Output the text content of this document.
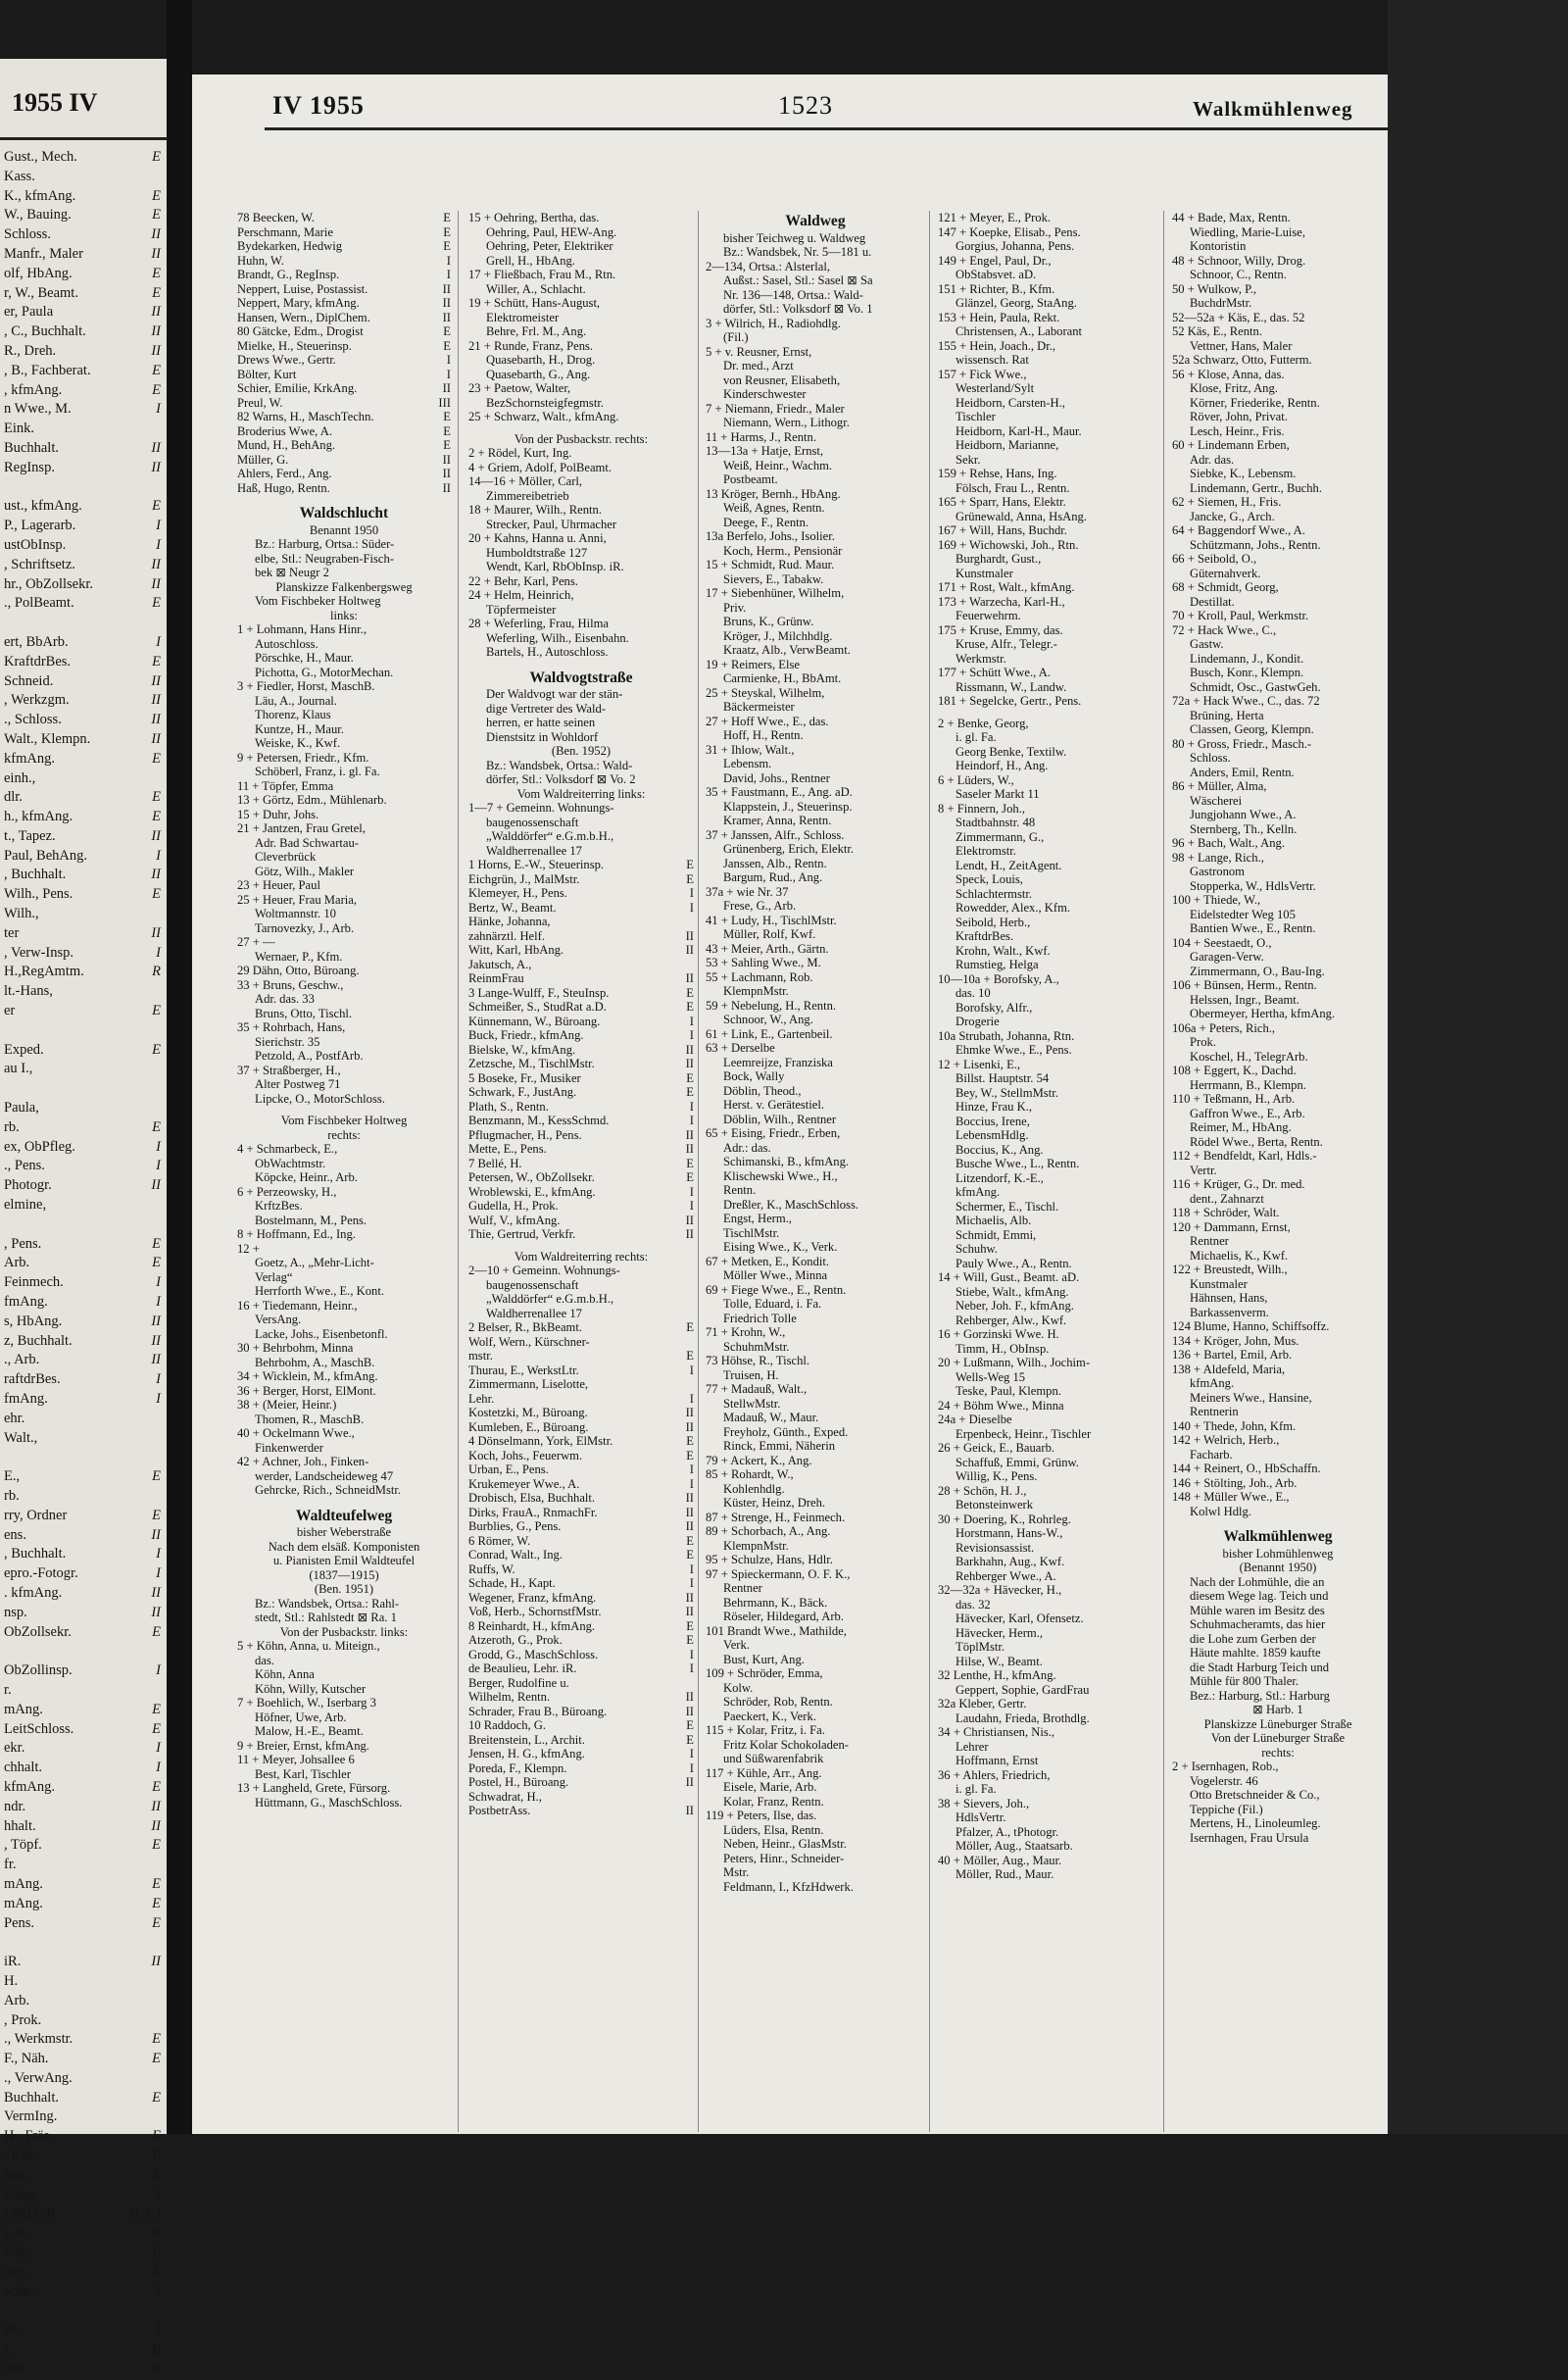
1955 IV
E
Gust., Mech.
Kass.
E
K., kfmAng.
E
W., Bauing.
II
Schloss.
II
Manfr., Maler
E
olf, HbAng.
E
r, W., Beamt.
II
er, Paula
II
, C., Buchhalt.
II
R., Dreh.
E
, B., Fachberat.
E
, kfmAng.
I
n Wwe., M.
Eink.
II
Buchhalt.
II
RegInsp.

E
ust., kfmAng.
I
P., Lagerarb.
I
ustObInsp.
II
, Schriftsetz.
II
hr., ObZollsekr.
E
., PolBeamt.

I
ert, BbArb.
E
KraftdrBes.
II
Schneid.
II
, Werkzgm.
II
., Schloss.
II
Walt., Klempn.
E
kfmAng.
einh.,
E
dlr.
E
h., kfmAng.
II
t., Tapez.
I
Paul, BehAng.
II
, Buchhalt.
E
Wilh., Pens.
Wilh.,
II
ter
I
, Verw-Insp.
R
H.,RegAmtm.
lt.-Hans,
E
er

E
Exped.
au I.,

Paula,
E
rb.
I
ex, ObPfleg.
I
., Pens.
II
Photogr.
elmine,

E
, Pens.
E
Arb.
I
Feinmech.
I
fmAng.
II
s, HbAng.
II
z, Buchhalt.
II
., Arb.
I
raftdrBes.
I
fmAng.
ehr.
Walt.,

E
E.,
rb.
E
rry, Ordner
II
ens.
I
, Buchhalt.
I
epro.-Fotogr.
II
. kfmAng.
II
nsp.
E
ObZollsekr.

I
ObZollinsp.
r.
E
mAng.
E
LeitSchloss.
I
ekr.
I
chhalt.
E
kfmAng.
II
ndr.
II
hhalt.
E
, Töpf.
fr.
E
mAng.
E
mAng.
E
Pens.

II
iR.
H.
Arb.
, Prok.
E
., Werkmstr.
E
F., Näh.
., VerwAng.
E
Buchhalt.
VermIng.
E
H., Fräs.
E
, Kfm.
E
nsp.
I
kAng.
I
I
II
Lokf i. R.
II
i. R.
E
Kfm.
E
nsp.
I
echn.

I
iR.
II
i.
II
ord
IV 1955	1523	Walkmühlenweg
E
78 Beecken, W.
E
Perschmann, Marie
E
Bydekarken, Hedwig
I
Huhn, W.
I
Brandt, G., RegInsp.
II
Neppert, Luise, Postassist.
II
Neppert, Mary, kfmAng.
II
Hansen, Wern., DiplChem.
E
80 Gätcke, Edm., Drogist
E
Mielke, H., Steuerinsp.
I
Drews Wwe., Gertr.
I
Bölter, Kurt
II
Schier, Emilie, KrkAng.
III
Preul, W.
E
82 Warns, H., MaschTechn.
E
Broderius Wwe, A.
E
Mund, H., BehAng.
II
Müller, G.
II
Ahlers, Ferd., Ang.
II
Haß, Hugo, Rentn.
Waldschlucht
Benannt 1950
Bz.: Harburg, Ortsa.: Süder-
elbe, Stl.: Neugraben-Fisch-
bek ⊠ Neugr 2
Planskizze Falkenbergsweg
Vom Fischbeker Holtweg
links:
1 + Lohmann, Hans Hinr.,
Autoschloss.
Pörschke, H., Maur.
Pichotta, G., MotorMechan.
3 + Fiedler, Horst, MaschB.
Läu, A., Journal.
Thorenz, Klaus
Kuntze, H., Maur.
Weiske, K., Kwf.
9 + Petersen, Friedr., Kfm.
Schöberl, Franz, i. gl. Fa.
11 + Töpfer, Emma
13 + Görtz, Edm., Mühlenarb.
15 + Duhr, Johs.
21 + Jantzen, Frau Gretel,
Adr. Bad Schwartau-
Cleverbrück
Götz, Wilh., Makler
23 + Heuer, Paul
25 + Heuer, Frau Maria,
Woltmannstr. 10
Tarnovezky, J., Arb.
27 + —
Wernaer, P., Kfm.
29 Dähn, Otto, Büroang.
33 + Bruns, Geschw.,
Adr. das. 33
Bruns, Otto, Tischl.
35 + Rohrbach, Hans,
Sierichstr. 35
Petzold, A., PostfArb.
37 + Straßberger, H.,
Alter Postweg 71
Lipcke, O., MotorSchloss.
Vom Fischbeker Holtweg
rechts:
4 + Schmarbeck, E.,
ObWachtmstr.
Köpcke, Heinr., Arb.
6 + Perzeowsky, H.,
KrftzBes.
Bostelmann, M., Pens.
8 + Hoffmann, Ed., Ing.
12 +
Goetz, A., „Mehr-Licht-
Verlag“
Herrforth Wwe., E., Kont.
16 + Tiedemann, Heinr.,
VersAng.
Lacke, Johs., Eisenbetonfl.
30 + Behrbohm, Minna
Behrbohm, A., MaschB.
34 + Wicklein, M., kfmAng.
36 + Berger, Horst, ElMont.
38 + (Meier, Heinr.)
Thomen, R., MaschB.
40 + Ockelmann Wwe.,
Finkenwerder
42 + Achner, Joh., Finken-
werder, Landscheideweg 47
Gehrcke, Rich., SchneidMstr.
Waldteufelweg
bisher Weberstraße
Nach dem elsäß. Komponisten
u. Pianisten Emil Waldteufel
(1837—1915)
(Ben. 1951)
Bz.: Wandsbek, Ortsa.: Rahl-
stedt, Stl.: Rahlstedt ⊠ Ra. 1
Von der Pusbackstr. links:
5 + Köhn, Anna, u. Miteign.,
das.
Köhn, Anna
Köhn, Willy, Kutscher
7 + Boehlich, W., Iserbarg 3
Höfner, Uwe, Arb.
Malow, H.-E., Beamt.
9 + Breier, Ernst, kfmAng.
11 + Meyer, Johsallee 6
Best, Karl, Tischler
13 + Langheld, Grete, Fürsorg.
Hüttmann, G., MaschSchloss.
15 + Oehring, Bertha, das.
Oehring, Paul, HEW-Ang.
Oehring, Peter, Elektriker
Grell, H., HbAng.
17 + Fließbach, Frau M., Rtn.
Willer, A., Schlacht.
19 + Schütt, Hans-August,
Elektromeister
Behre, Frl. M., Ang.
21 + Runde, Franz, Pens.
Quasebarth, H., Drog.
Quasebarth, G., Ang.
23 + Paetow, Walter,
BezSchornsteigfegmstr.
25 + Schwarz, Walt., kfmAng.
Von der Pusbackstr. rechts:
2 + Rödel, Kurt, Ing.
4 + Griem, Adolf, PolBeamt.
14—16 + Möller, Carl,
Zimmereibetrieb
18 + Maurer, Wilh., Rentn.
Strecker, Paul, Uhrmacher
20 + Kahns, Hanna u. Anni,
Humboldtstraße 127
Wendt, Karl, RbObInsp. iR.
22 + Behr, Karl, Pens.
24 + Helm, Heinrich,
Töpfermeister
28 + Weferling, Frau, Hilma
Weferling, Wilh., Eisenbahn.
Bartels, H., Autoschloss.
Waldvogtstraße
Der Waldvogt war der stän-
dige Vertreter des Wald-
herren, er hatte seinen
Dienstsitz in Wohldorf
(Ben. 1952)
Bz.: Wandsbek, Ortsa.: Wald-
dörfer, Stl.: Volksdorf ⊠ Vo. 2
Vom Waldreiterring links:
1—7 + Gemeinn. Wohnungs-
baugenossenschaft
„Walddörfer“ e.G.m.b.H.,
Waldherrenallee 17
E
1 Horns, E.-W., Steuerinsp.
E
Eichgrün, J., MalMstr.
I
Klemeyer, H., Pens.
I
Bertz, W., Beamt.
Hänke, Johanna,
II
zahnärztl. Helf.
II
Witt, Karl, HbAng.
Jakutsch, A.,
II
ReinmFrau
E
3 Lange-Wulff, F., SteuInsp.
E
Schmeißer, S., StudRat a.D.
I
Künnemann, W., Büroang.
I
Buck, Friedr., kfmAng.
II
Bielske, W., kfmAng.
II
Zetzsche, M., TischlMstr.
E
5 Boseke, Fr., Musiker
E
Schwark, F., JustAng.
I
Plath, S., Rentn.
I
Benzmann, M., KessSchmd.
II
Pflugmacher, H., Pens.
II
Mette, E., Pens.
E
7 Bellé, H.
E
Petersen, W., ObZollsekr.
I
Wroblewski, E., kfmAng.
I
Gudella, H., Prok.
II
Wulf, V., kfmAng.
II
Thie, Gertrud, Verkfr.
Vom Waldreiterring rechts:
2—10 + Gemeinn. Wohnungs-
baugenossenschaft
„Walddörfer“ e.G.m.b.H.,
Waldherrenallee 17
E
2 Belser, R., BkBeamt.
Wolf, Wern., Kürschner-
E
mstr.
I
Thurau, E., WerkstLtr.
Zimmermann, Liselotte,
I
Lehr.
II
Kostetzki, M., Büroang.
II
Kumleben, E., Büroang.
E
4 Dönselmann, York, ElMstr.
E
Koch, Johs., Feuerwm.
I
Urban, E., Pens.
I
Krukemeyer Wwe., A.
II
Drobisch, Elsa, Buchhalt.
II
Dirks, FrauA., RnmachFr.
II
Burblies, G., Pens.
E
6 Römer, W.
E
Conrad, Walt., Ing.
I
Ruffs, W.
I
Schade, H., Kapt.
II
Wegener, Franz, kfmAng.
II
Voß, Herb., SchornstfMstr.
E
8 Reinhardt, H., kfmAng.
E
Atzeroth, G., Prok.
I
Grodd, G., MaschSchloss.
I
de Beaulieu, Lehr. iR.
Berger, Rudolfine u.
II
Wilhelm, Rentn.
II
Schrader, Frau B., Büroang.
E
10 Raddoch, G.
E
Breitenstein, L., Archit.
I
Jensen, H. G., kfmAng.
I
Poreda, F., Klempn.
II
Postel, H., Büroang.
Schwadrat, H.,
II
PostbetrAss.
Waldweg
bisher Teichweg u. Waldweg
Bz.: Wandsbek, Nr. 5—181 u.
2—134, Ortsa.: Alsterlal,
Außst.: Sasel, Stl.: Sasel ⊠ Sa
Nr. 136—148, Ortsa.: Wald-
dörfer, Stl.: Volksdorf ⊠ Vo. 1
3 + Wilrich, H., Radiohdlg.
(Fil.)
5 + v. Reusner, Ernst,
Dr. med., Arzt
von Reusner, Elisabeth,
Kinderschwester
7 + Niemann, Friedr., Maler
Niemann, Wern., Lithogr.
11 + Harms, J., Rentn.
13—13a + Hatje, Ernst,
Weiß, Heinr., Wachm.
Postbeamt.
13 Kröger, Bernh., HbAng.
Weiß, Agnes, Rentn.
Deege, F., Rentn.
13a Berfelo, Johs., Isolier.
Koch, Herm., Pensionär
15 + Schmidt, Rud. Maur.
Sievers, E., Tabakw.
17 + Siebenhüner, Wilhelm,
Priv.
Bruns, K., Grünw.
Kröger, J., Milchhdlg.
Kraatz, Alb., VerwBeamt.
19 + Reimers, Else
Carmienke, H., BbAmt.
25 + Steyskal, Wilhelm,
Bäckermeister
27 + Hoff Wwe., E., das.
Hoff, H., Rentn.
31 + Ihlow, Walt.,
Lebensm.
David, Johs., Rentner
35 + Faustmann, E., Ang. aD.
Klappstein, J., Steuerinsp.
Kramer, Anna, Rentn.
37 + Janssen, Alfr., Schloss.
Grünenberg, Erich, Elektr.
Janssen, Alb., Rentn.
Bargum, Rud., Ang.
37a + wie Nr. 37
Frese, G., Arb.
41 + Ludy, H., TischlMstr.
Müller, Rolf, Kwf.
43 + Meier, Arth., Gärtn.
53 + Sahling Wwe., M.
55 + Lachmann, Rob.
KlempnMstr.
59 + Nebelung, H., Rentn.
Schnoor, W., Ang.
61 + Link, E., Gartenbeil.
63 + Derselbe
Leemreijze, Franziska
Bock, Wally
Döblin, Theod.,
Herst. v. Gerätestiel.
Döblin, Wilh., Rentner
65 + Eising, Friedr., Erben,
Adr.: das.
Schimanski, B., kfmAng.
Klischewski Wwe., H.,
Rentn.
Dreßler, K., MaschSchloss.
Engst, Herm.,
TischlMstr.
Eising Wwe., K., Verk.
67 + Metken, E., Kondit.
Möller Wwe., Minna
69 + Fiege Wwe., E., Rentn.
Tolle, Eduard, i. Fa.
Friedrich Tolle
71 + Krohn, W.,
SchuhmMstr.
73 Höhse, R., Tischl.
Truisen, H.
77 + Madauß, Walt.,
StellwMstr.
Madauß, W., Maur.
Freyholz, Günth., Exped.
Rinck, Emmi, Näherin
79 + Ackert, K., Ang.
85 + Rohardt, W.,
Kohlenhdlg.
Küster, Heinz, Dreh.
87 + Strenge, H., Feinmech.
89 + Schorbach, A., Ang.
KlempnMstr.
95 + Schulze, Hans, Hdlr.
97 + Spieckermann, O. F. K.,
Rentner
Behrmann, K., Bäck.
Röseler, Hildegard, Arb.
101 Brandt Wwe., Mathilde,
Verk.
Bust, Kurt, Ang.
109 + Schröder, Emma,
Kolw.
Schröder, Rob, Rentn.
Paeckert, K., Verk.
115 + Kolar, Fritz, i. Fa.
Fritz Kolar Schokoladen-
und Süßwarenfabrik
117 + Kühle, Arr., Ang.
Eisele, Marie, Arb.
Kolar, Franz, Rentn.
119 + Peters, Ilse, das.
Lüders, Elsa, Rentn.
Neben, Heinr., GlasMstr.
Peters, Hinr., Schneider-
Mstr.
Feldmann, I., KfzHdwerk.
121 + Meyer, E., Prok.
147 + Koepke, Elisab., Pens.
Gorgius, Johanna, Pens.
149 + Engel, Paul, Dr.,
ObStabsvet. aD.
151 + Richter, B., Kfm.
Glänzel, Georg, StaAng.
153 + Hein, Paula, Rekt.
Christensen, A., Laborant
155 + Hein, Joach., Dr.,
wissensch. Rat
157 + Fick Wwe.,
Westerland/Sylt
Heidborn, Carsten-H.,
Tischler
Heidborn, Karl-H., Maur.
Heidborn, Marianne,
Sekr.
159 + Rehse, Hans, Ing.
Fölsch, Frau L., Rentn.
165 + Sparr, Hans, Elektr.
Grünewald, Anna, HsAng.
167 + Will, Hans, Buchdr.
169 + Wichowski, Joh., Rtn.
Burghardt, Gust.,
Kunstmaler
171 + Rost, Walt., kfmAng.
173 + Warzecha, Karl-H.,
Feuerwehrm.
175 + Kruse, Emmy, das.
Kruse, Alfr., Telegr.-
Werkmstr.
177 + Schütt Wwe., A.
Rissmann, W., Landw.
181 + Segelcke, Gertr., Pens.
2 + Benke, Georg,
i. gl. Fa.
Georg Benke, Textilw.
Heindorf, H., Ang.
6 + Lüders, W.,
Saseler Markt 11
8 + Finnern, Joh.,
Stadtbahnstr. 48
Zimmermann, G.,
Elektromstr.
Lendt, H., ZeitAgent.
Speck, Louis,
Schlachtermstr.
Rowedder, Alex., Kfm.
Seibold, Herb.,
KraftdrBes.
Krohn, Walt., Kwf.
Rumstieg, Helga
10—10a + Borofsky, A.,
das. 10
Borofsky, Alfr.,
Drogerie
10a Strubath, Johanna, Rtn.
Ehmke Wwe., E., Pens.
12 + Lisenki, E.,
Billst. Hauptstr. 54
Bey, W., StellmMstr.
Hinze, Frau K.,
Boccius, Irene,
LebensmHdlg.
Boccius, K., Ang.
Busche Wwe., L., Rentn.
Litzendorf, K.-E.,
kfmAng.
Schermer, E., Tischl.
Michaelis, Alb.
Schmidt, Emmi,
Schuhw.
Pauly Wwe., A., Rentn.
14 + Will, Gust., Beamt. aD.
Stiebe, Walt., kfmAng.
Neber, Joh. F., kfmAng.
Rehberger, Alw., Kwf.
16 + Gorzinski Wwe. H.
Timm, H., ObInsp.
20 + Lußmann, Wilh., Jochim-
Wells-Weg 15
Teske, Paul, Klempn.
24 + Böhm Wwe., Minna
24a + Dieselbe
Erpenbeck, Heinr., Tischler
26 + Geick, E., Bauarb.
Schaffuß, Emmi, Grünw.
Willig, K., Pens.
28 + Schön, H. J.,
Betonsteinwerk
30 + Doering, K., Rohrleg.
Horstmann, Hans-W.,
Revisionsassist.
Barkhahn, Aug., Kwf.
Rehberger Wwe., A.
32—32a + Hävecker, H.,
das. 32
Hävecker, Karl, Ofensetz.
Hävecker, Herm.,
TöplMstr.
Hilse, W., Beamt.
32 Lenthe, H., kfmAng.
Geppert, Sophie, GardFrau
32a Kleber, Gertr.
Laudahn, Frieda, Brothdlg.
34 + Christiansen, Nis.,
Lehrer
Hoffmann, Ernst
36 + Ahlers, Friedrich,
i. gl. Fa.
38 + Sievers, Joh.,
HdlsVertr.
Pfalzer, A., tPhotogr.
Möller, Aug., Staatsarb.
40 + Möller, Aug., Maur.
Möller, Rud., Maur.
44 + Bade, Max, Rentn.
Wiedling, Marie-Luise,
Kontoristin
48 + Schnoor, Willy, Drog.
Schnoor, C., Rentn.
50 + Wulkow, P.,
BuchdrMstr.
52—52a + Käs, E., das. 52
52 Käs, E., Rentn.
Vettner, Hans, Maler
52a Schwarz, Otto, Futterm.
56 + Klose, Anna, das.
Klose, Fritz, Ang.
Körner, Friederike, Rentn.
Röver, John, Privat.
Lesch, Heinr., Fris.
60 + Lindemann Erben,
Adr. das.
Siebke, K., Lebensm.
Lindemann, Gertr., Buchh.
62 + Siemen, H., Fris.
Jancke, G., Arch.
64 + Baggendorf Wwe., A.
Schützmann, Johs., Rentn.
66 + Seibold, O.,
Güternahverk.
68 + Schmidt, Georg,
Destillat.
70 + Kroll, Paul, Werkmstr.
72 + Hack Wwe., C.,
Gastw.
Lindemann, J., Kondit.
Busch, Konr., Klempn.
Schmidt, Osc., GastwGeh.
72a + Hack Wwe., C., das. 72
Brüning, Herta
Classen, Georg, Klempn.
80 + Gross, Friedr., Masch.-
Schloss.
Anders, Emil, Rentn.
86 + Müller, Alma,
Wäscherei
Jungjohann Wwe., A.
Sternberg, Th., Kelln.
96 + Bach, Walt., Ang.
98 + Lange, Rich.,
Gastronom
Stopperka, W., HdlsVertr.
100 + Thiede, W.,
Eidelstedter Weg 105
Bantien Wwe., E., Rentn.
104 + Seestaedt, O.,
Garagen-Verw.
Zimmermann, O., Bau-Ing.
106 + Bünsen, Herm., Rentn.
Helssen, Ingr., Beamt.
Obermeyer, Hertha, kfmAng.
106a + Peters, Rich.,
Prok.
Koschel, H., TelegrArb.
108 + Eggert, K., Dachd.
Herrmann, B., Klempn.
110 + Teßmann, H., Arb.
Gaffron Wwe., E., Arb.
Reimer, M., HbAng.
Rödel Wwe., Berta, Rentn.
112 + Bendfeldt, Karl, Hdls.-
Vertr.
116 + Krüger, G., Dr. med.
dent., Zahnarzt
118 + Schröder, Walt.
120 + Dammann, Ernst,
Rentner
Michaelis, K., Kwf.
122 + Breustedt, Wilh.,
Kunstmaler
Hähnsen, Hans,
Barkassenverm.
124 Blume, Hanno, Schiffsoffz.
134 + Kröger, John, Mus.
136 + Bartel, Emil, Arb.
138 + Aldefeld, Maria,
kfmAng.
Meiners Wwe., Hansine,
Rentnerin
140 + Thede, John, Kfm.
142 + Welrich, Herb.,
Facharb.
144 + Reinert, O., HbSchaffn.
146 + Stölting, Joh., Arb.
148 + Müller Wwe., E.,
Kolwl Hdlg.
Walkmühlenweg
bisher Lohmühlenweg
(Benannt 1950)
Nach der Lohmühle, die an
diesem Wege lag. Teich und
Mühle waren im Besitz des
Schuhmacheramts, das hier
die Lohe zum Gerben der
Häute mahlte. 1859 kaufte
die Stadt Harburg Teich und
Mühle für 800 Thaler.
Bez.: Harburg, Stl.: Harburg
⊠ Harb. 1
Planskizze Lüneburger Straße
Von der Lüneburger Straße
rechts:
2 + Isernhagen, Rob.,
Vogelerstr. 46
Otto Bretschneider & Co.,
Teppiche (Fil.)
Mertens, H., Linoleumleg.
Isernhagen, Frau Ursula
